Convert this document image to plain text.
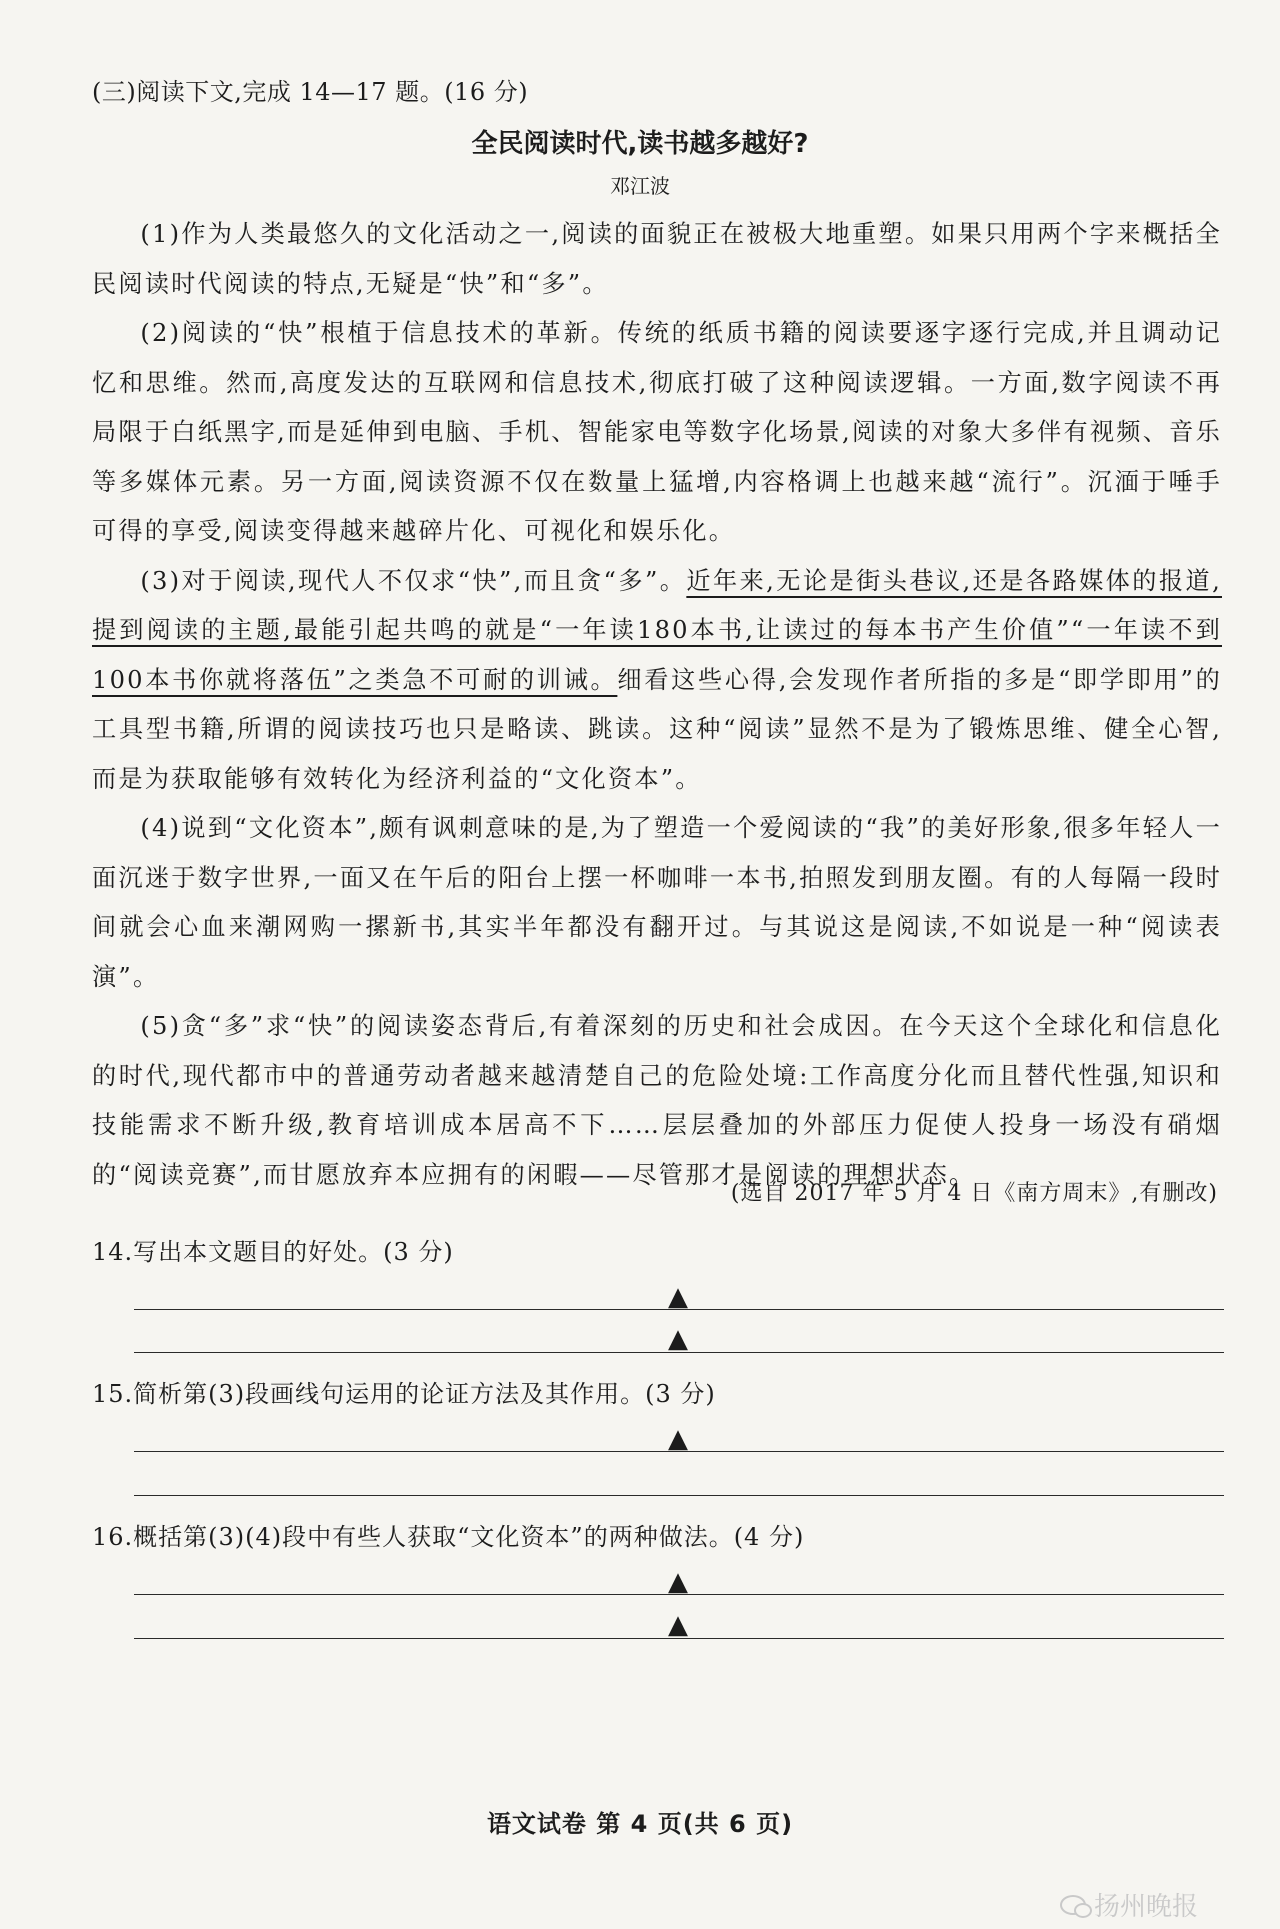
(三)阅读下文,完成 14—17 题。(16 分)
全民阅读时代,读书越多越好?
邓江波

(1)作为人类最悠久的文化活动之一,阅读的面貌正在被极大地重塑。如果只用两个字来概括全民阅读时代阅读的特点,无疑是“快”和“多”。

(2)阅读的“快”根植于信息技术的革新。传统的纸质书籍的阅读要逐字逐行完成,并且调动记忆和思维。然而,高度发达的互联网和信息技术,彻底打破了这种阅读逻辑。一方面,数字阅读不再局限于白纸黑字,而是延伸到电脑、手机、智能家电等数字化场景,阅读的对象大多伴有视频、音乐等多媒体元素。另一方面,阅读资源不仅在数量上猛增,内容格调上也越来越“流行”。沉湎于唾手可得的享受,阅读变得越来越碎片化、可视化和娱乐化。

(3)对于阅读,现代人不仅求“快”,而且贪“多”。近年来,无论是街头巷议,还是各路媒体的报道,提到阅读的主题,最能引起共鸣的就是“一年读180本书,让读过的每本书产生价值”“一年读不到100本书你就将落伍”之类急不可耐的训诫。细看这些心得,会发现作者所指的多是“即学即用”的工具型书籍,所谓的阅读技巧也只是略读、跳读。这种“阅读”显然不是为了锻炼思维、健全心智,而是为获取能够有效转化为经济利益的“文化资本”。

(4)说到“文化资本”,颇有讽刺意味的是,为了塑造一个爱阅读的“我”的美好形象,很多年轻人一面沉迷于数字世界,一面又在午后的阳台上摆一杯咖啡一本书,拍照发到朋友圈。有的人每隔一段时间就会心血来潮网购一摞新书,其实半年都没有翻开过。与其说这是阅读,不如说是一种“阅读表演”。

(5)贪“多”求“快”的阅读姿态背后,有着深刻的历史和社会成因。在今天这个全球化和信息化的时代,现代都市中的普通劳动者越来越清楚自己的危险处境:工作高度分化而且替代性强,知识和技能需求不断升级,教育培训成本居高不下……层层叠加的外部压力促使人投身一场没有硝烟的“阅读竞赛”,而甘愿放弃本应拥有的闲暇——尽管那才是阅读的理想状态。

(选自 2017 年 5 月 4 日《南方周末》,有删改)
14.写出本文题目的好处。(3 分)
▲
▲
15.简析第(3)段画线句运用的论证方法及其作用。(3 分)
▲
16.概括第(3)(4)段中有些人获取“文化资本”的两种做法。(4 分)
▲
▲
语文试卷 第 4 页(共 6 页)
扬州晚报
